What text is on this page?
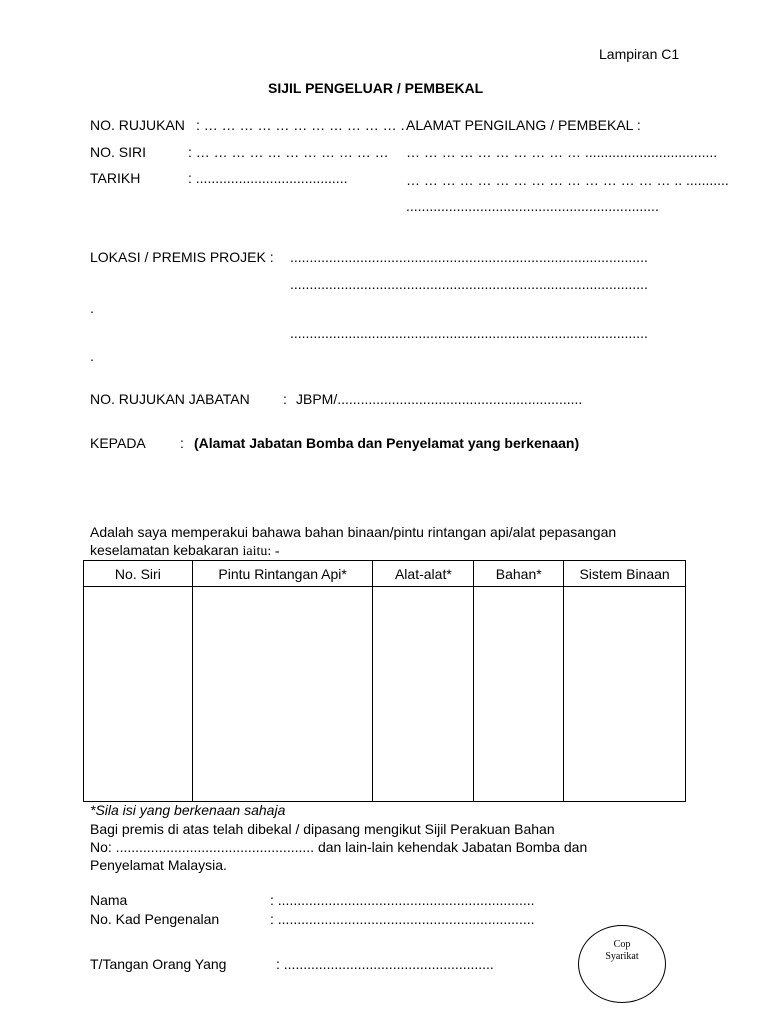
Lampiran C1
SIJIL PENGELUAR / PEMBEKAL
NO. RUJUKAN : … … … … … … … … … … … .
NO. SIRI	: … … … … … … … … … … …
TARIKH	: .......................................
ALAMAT PENGILANG / PEMBEKAL :
… … … … … … … … … … ..................................
… … … … … … … … … … … … … … … .. ...........
.................................................................
LOKASI / PREMIS PROJEK : ............................................................................................
............................................................................................
.
............................................................................................
.
NO. RUJUKAN JABATAN : JBPM/...............................................................
KEPADA : (Alamat Jabatan Bomba dan Penyelamat yang berkenaan)
Adalah saya memperakui bahawa bahan binaan/pintu rintangan api/alat pepasangan
keselamatan kebakaran iaitu: -
No. Siri	Pintu Rintangan Api*	Alat-alat*	Bahan*	Sistem Binaan

*Sila isi yang berkenaan sahaja
Bagi premis di atas telah dibekal / dipasang mengikut Sijil Perakuan Bahan
No: ................................................... dan lain-lain kehendak Jabatan Bomba dan
Penyelamat Malaysia.
Nama	: ..................................................................
No. Kad Pengenalan	: ..................................................................
T/Tangan Orang Yang	: ......................................................
Cop
Syarikat
